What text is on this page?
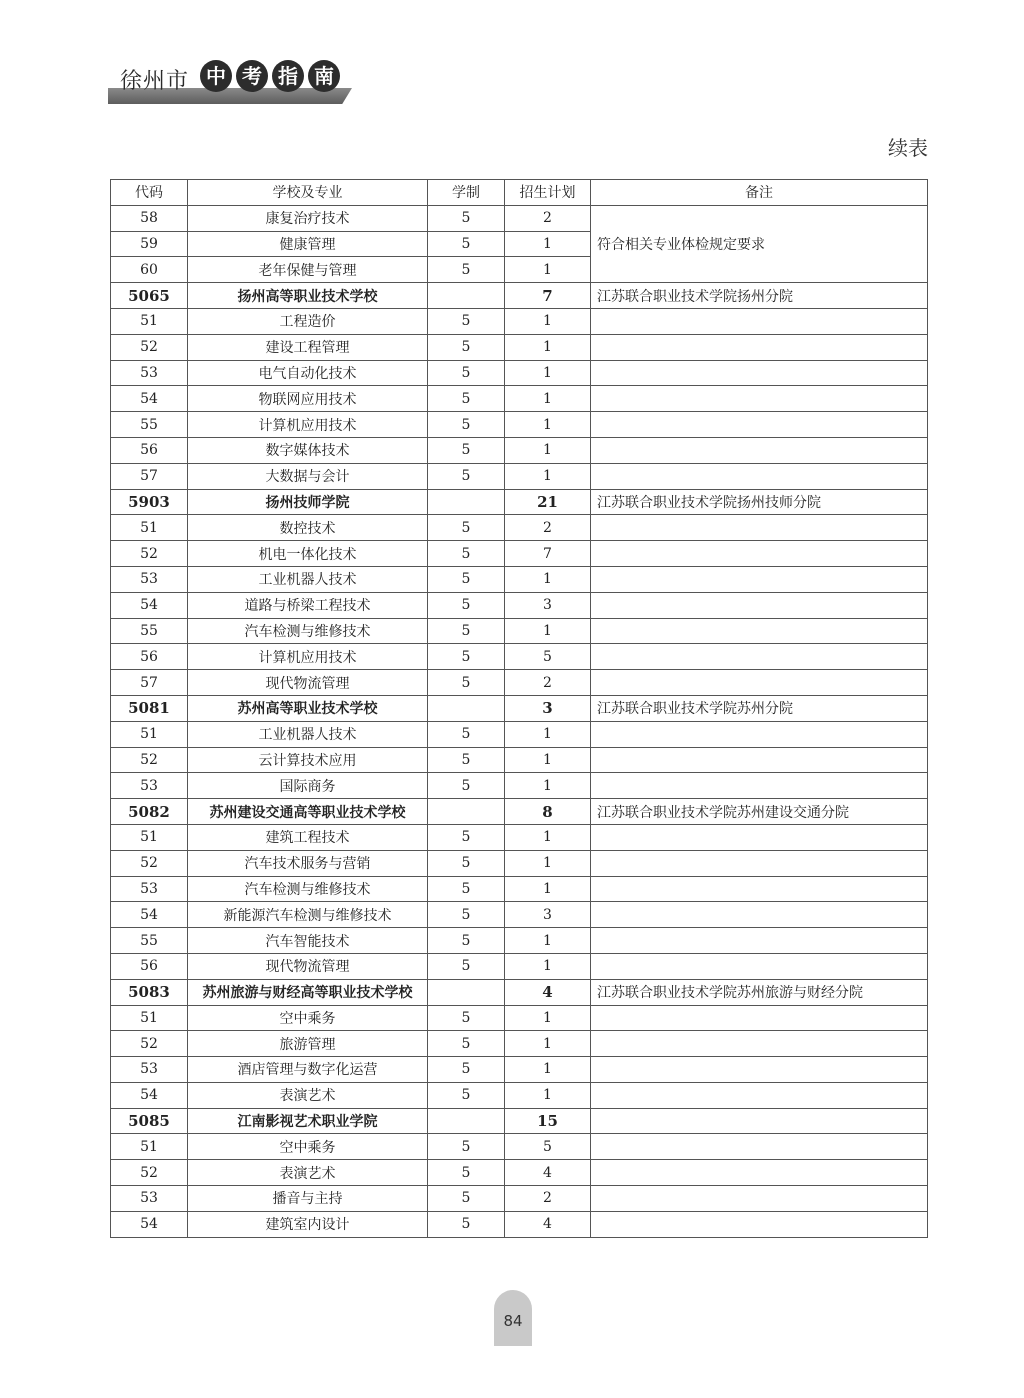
徐州市 中 考 指 南
续表
代码	学校及专业	学制	招生计划	备注
58	康复治疗技术	5	2	符合相关专业体检规定要求
59	健康管理	5	1	
60	老年保健与管理	5	1	
5065	扬州高等职业技术学校		7	江苏联合职业技术学院扬州分院
51	工程造价	5	1	
52	建设工程管理	5	1	
53	电气自动化技术	5	1	
54	物联网应用技术	5	1	
55	计算机应用技术	5	1	
56	数字媒体技术	5	1	
57	大数据与会计	5	1	
5903	扬州技师学院		21	江苏联合职业技术学院扬州技师分院
51	数控技术	5	2	
52	机电一体化技术	5	7	
53	工业机器人技术	5	1	
54	道路与桥梁工程技术	5	3	
55	汽车检测与维修技术	5	1	
56	计算机应用技术	5	5	
57	现代物流管理	5	2	
5081	苏州高等职业技术学校		3	江苏联合职业技术学院苏州分院
51	工业机器人技术	5	1	
52	云计算技术应用	5	1	
53	国际商务	5	1	
5082	苏州建设交通高等职业技术学校		8	江苏联合职业技术学院苏州建设交通分院
51	建筑工程技术	5	1	
52	汽车技术服务与营销	5	1	
53	汽车检测与维修技术	5	1	
54	新能源汽车检测与维修技术	5	3	
55	汽车智能技术	5	1	
56	现代物流管理	5	1	
5083	苏州旅游与财经高等职业技术学校		4	江苏联合职业技术学院苏州旅游与财经分院
51	空中乘务	5	1	
52	旅游管理	5	1	
53	酒店管理与数字化运营	5	1	
54	表演艺术	5	1	
5085	江南影视艺术职业学院		15	
51	空中乘务	5	5	
52	表演艺术	5	4	
53	播音与主持	5	2	
54	建筑室内设计	5	4	
84
